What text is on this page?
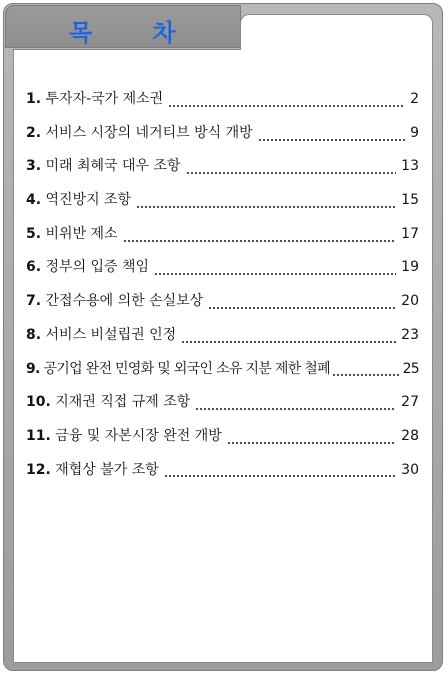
목 차
1. 투자자-국가 제소권	2
2. 서비스 시장의 네거티브 방식 개방	9
3. 미래 최혜국 대우 조항	13
4. 역진방지 조항	15
5. 비위반 제소	17
6. 정부의 입증 책임	19
7. 간접수용에 의한 손실보상	20
8. 서비스 비설립권 인정	23
9. 공기업 완전 민영화 및 외국인 소유 지분 제한 철폐	25
10. 지재권 직접 규제 조항	27
11. 금융 및 자본시장 완전 개방	28
12. 재협상 불가 조항	30
